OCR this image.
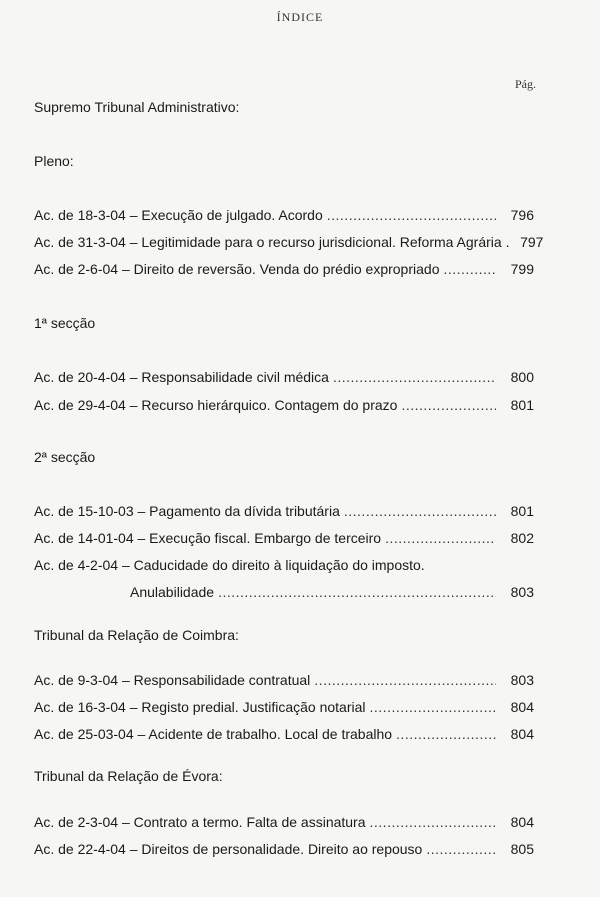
ÍNDICE
Pág.
Supremo Tribunal Administrativo:
Pleno:
Ac. de 18-3-04 – Execução de julgado. Acordo .....	796
Ac. de 31-3-04 – Legitimidade para o recurso jurisdicional. Reforma Agrária . 797
Ac. de 2-6-04 – Direito de reversão. Venda do prédio expropriado .....	799
1ª secção
Ac. de 20-4-04 – Responsabilidade civil médica .....	800
Ac. de 29-4-04 – Recurso hierárquico. Contagem do prazo .....	801
2ª secção
Ac. de 15-10-03 – Pagamento da dívida tributária .....	801
Ac. de 14-01-04 – Execução fiscal. Embargo de terceiro .....	802
Ac. de 4-2-04 – Caducidade do direito à liquidação do imposto.
Anulabilidade .....	803
Tribunal da Relação de Coimbra:
Ac. de 9-3-04 – Responsabilidade contratual .....	803
Ac. de 16-3-04 – Registo predial. Justificação notarial .....	804
Ac. de 25-03-04 – Acidente de trabalho. Local de trabalho .....	804
Tribunal da Relação de Évora:
Ac. de 2-3-04 – Contrato a termo. Falta de assinatura .....	804
Ac. de 22-4-04 – Direitos de personalidade. Direito ao repouso .....	805
